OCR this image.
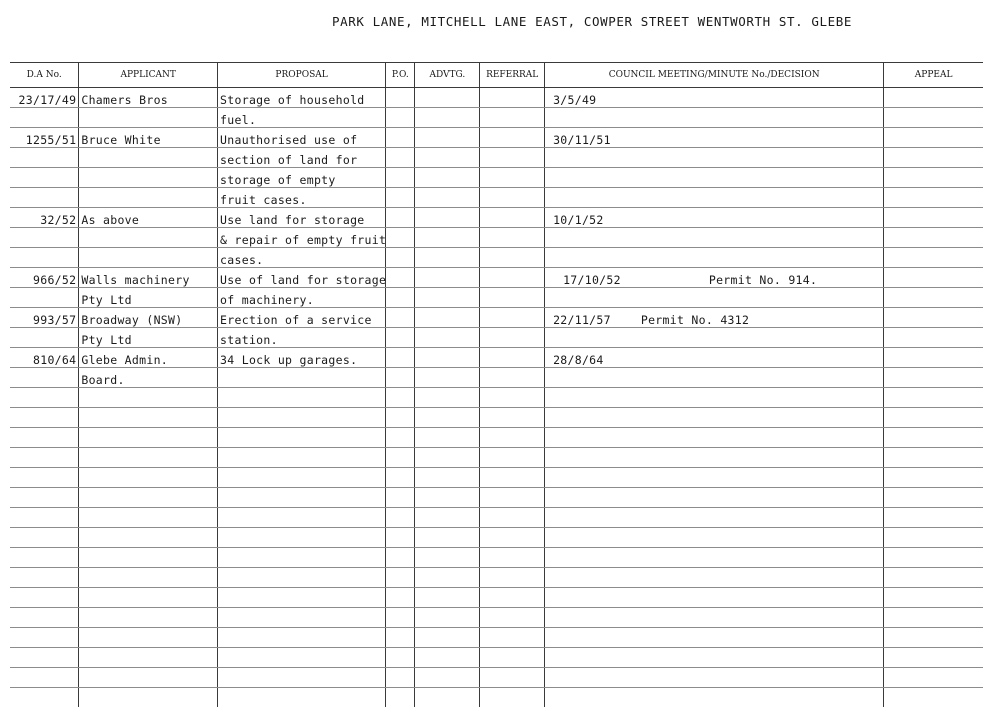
PARK LANE, MITCHELL LANE EAST, COWPER STREET WENTWORTH ST. GLEBE
D.A No.	APPLICANT	PROPOSAL	P.O.	ADVTG.	REFERRAL	COUNCIL MEETING/MINUTE No./DECISION	APPEAL
23/17/49	Chamers Bros	Storage of household				3/5/49	
		fuel.					
1255/51	Bruce White	Unauthorised use of				30/11/51	
		section of land for					
		storage of empty					
		fruit cases.					
32/52	As above	Use land for storage				10/1/52	
		& repair of empty fruit					
		cases.					
966/52	Walls machinery	Use of land for storage				17/10/52 Permit No. 914.	
	Pty Ltd	of machinery.					
993/57	Broadway (NSW)	Erection of a service				22/11/57 Permit No. 4312	
	Pty Ltd	station.					
810/64	Glebe Admin.	34 Lock up garages.				28/8/64	
	Board.						
